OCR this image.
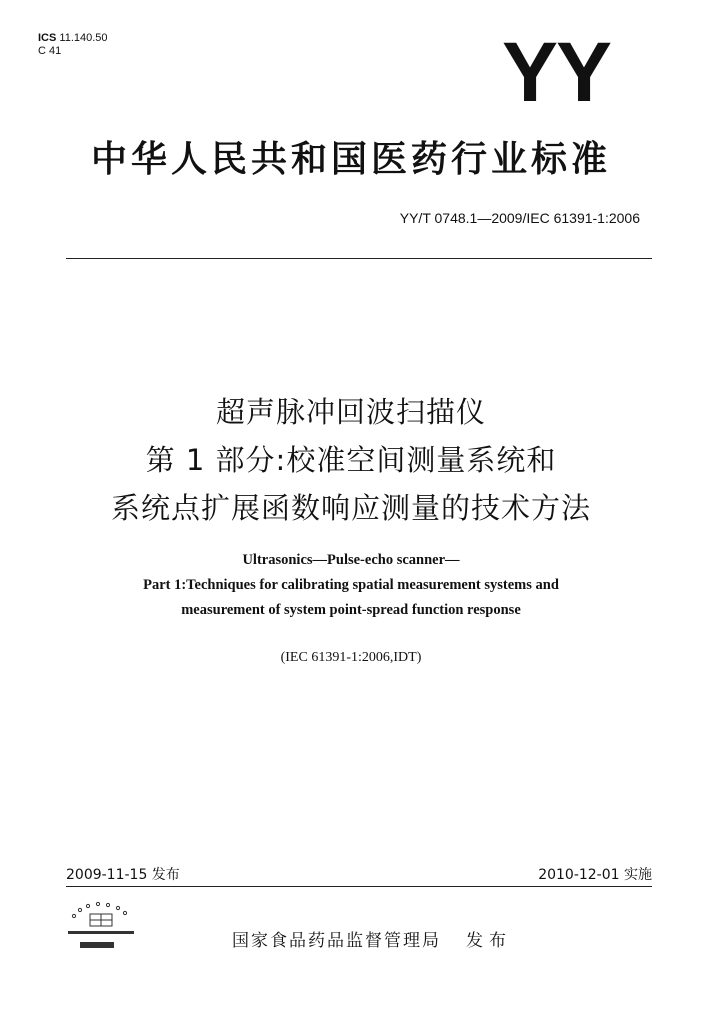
ICS 11.140.50
C 41	YY
中华人民共和国医药行业标准
YY/T 0748.1—2009/IEC 61391-1:2006
超声脉冲回波扫描仪
第 1 部分:校准空间测量系统和
系统点扩展函数响应测量的技术方法
Ultrasonics—Pulse-echo scanner—
Part 1:Techniques for calibrating spatial measurement systems and
measurement of system point-spread function response
(IEC 61391-1:2006,IDT)
2009-11-15 发布	2010-12-01 实施
国家食品药品监督管理局 发布
